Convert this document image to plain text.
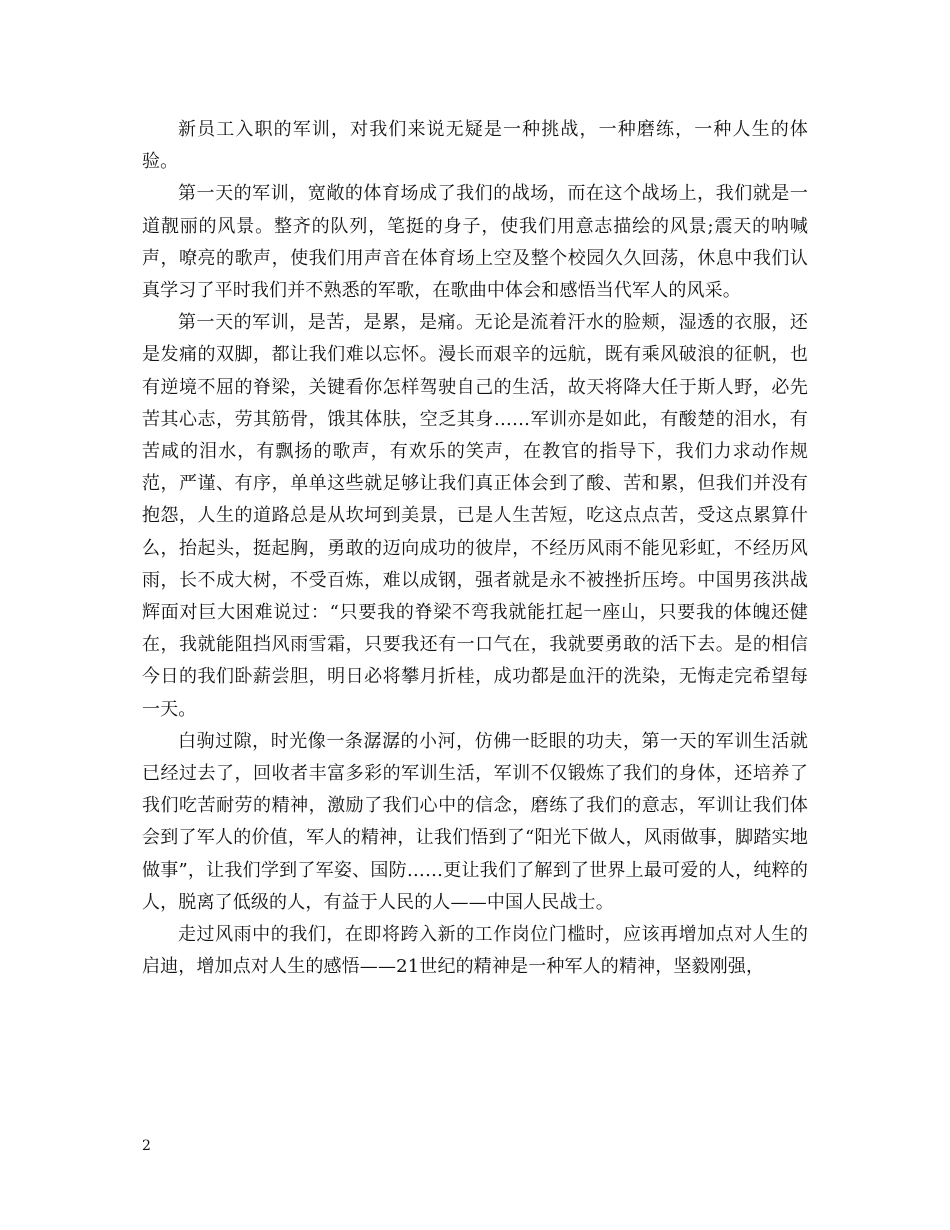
新员工入职的军训，对我们来说无疑是一种挑战，一种磨练，一种人生的体验。

第一天的军训，宽敞的体育场成了我们的战场，而在这个战场上，我们就是一道靓丽的风景。整齐的队列，笔挺的身子，使我们用意志描绘的风景;震天的呐喊声，嘹亮的歌声，使我们用声音在体育场上空及整个校园久久回荡，休息中我们认真学习了平时我们并不熟悉的军歌，在歌曲中体会和感悟当代军人的风采。

第一天的军训，是苦，是累，是痛。无论是流着汗水的脸颊，湿透的衣服，还是发痛的双脚，都让我们难以忘怀。漫长而艰辛的远航，既有乘风破浪的征帆，也有逆境不屈的脊梁，关键看你怎样驾驶自己的生活，故天将降大任于斯人野，必先苦其心志，劳其筋骨，饿其体肤，空乏其身……军训亦是如此，有酸楚的泪水，有苦咸的泪水，有飘扬的歌声，有欢乐的笑声，在教官的指导下，我们力求动作规范，严谨、有序，单单这些就足够让我们真正体会到了酸、苦和累，但我们并没有抱怨，人生的道路总是从坎坷到美景，已是人生苦短，吃这点点苦，受这点累算什么，抬起头，挺起胸，勇敢的迈向成功的彼岸，不经历风雨不能见彩虹，不经历风雨，长不成大树，不受百炼，难以成钢，强者就是永不被挫折压垮。中国男孩洪战辉面对巨大困难说过：“只要我的脊梁不弯我就能扛起一座山，只要我的体魄还健在，我就能阻挡风雨雪霜，只要我还有一口气在，我就要勇敢的活下去。是的相信今日的我们卧薪尝胆，明日必将攀月折桂，成功都是血汗的洗染，无悔走完希望每一天。

白驹过隙，时光像一条潺潺的小河，仿佛一眨眼的功夫，第一天的军训生活就已经过去了，回收者丰富多彩的军训生活，军训不仅锻炼了我们的身体，还培养了我们吃苦耐劳的精神，激励了我们心中的信念，磨练了我们的意志，军训让我们体会到了军人的价值，军人的精神，让我们悟到了“阳光下做人，风雨做事，脚踏实地做事”，让我们学到了军姿、国防……更让我们了解到了世界上最可爱的人，纯粹的人，脱离了低级的人，有益于人民的人——中国人民战士。

走过风雨中的我们，在即将跨入新的工作岗位门槛时，应该再增加点对人生的启迪，增加点对人生的感悟——21世纪的精神是一种军人的精神，坚毅刚强，

2
